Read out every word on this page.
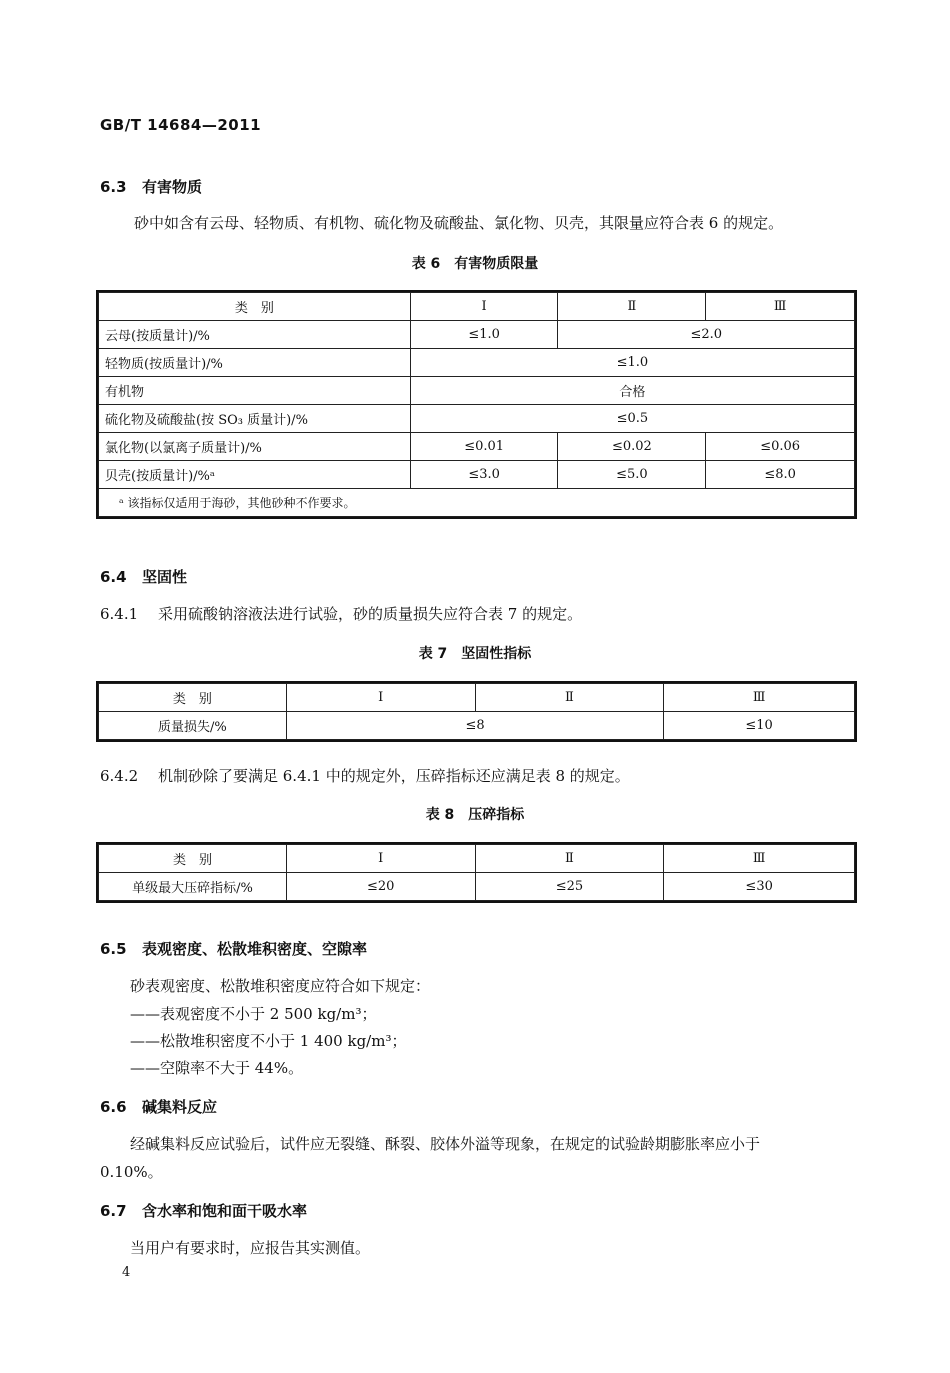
GB/T 14684—2011
6.3 有害物质
砂中如含有云母、轻物质、有机物、硫化物及硫酸盐、氯化物、贝壳，其限量应符合表 6 的规定。
表 6　有害物质限量
类　别	Ⅰ	Ⅱ	Ⅲ
云母(按质量计)/%	≤1.0	≤2.0	
轻物质(按质量计)/%	≤1.0		
有机物	合格		
硫化物及硫酸盐(按 SO₃ 质量计)/%	≤0.5		
氯化物(以氯离子质量计)/%	≤0.01	≤0.02	≤0.06
贝壳(按质量计)/%ᵃ	≤3.0	≤5.0	≤8.0
ᵃ 该指标仅适用于海砂，其他砂种不作要求。			
6.4 坚固性
6.4.1 采用硫酸钠溶液法进行试验，砂的质量损失应符合表 7 的规定。
表 7　坚固性指标
类　别	Ⅰ	Ⅱ	Ⅲ
质量损失/%	≤8		≤10
6.4.2 机制砂除了要满足 6.4.1 中的规定外，压碎指标还应满足表 8 的规定。
表 8　压碎指标
类　别	Ⅰ	Ⅱ	Ⅲ
单级最大压碎指标/%	≤20	≤25	≤30
6.5 表观密度、松散堆积密度、空隙率
砂表观密度、松散堆积密度应符合如下规定：
——表观密度不小于 2 500 kg/m³；
——松散堆积密度不小于 1 400 kg/m³；
——空隙率不大于 44%。
6.6 碱集料反应
经碱集料反应试验后，试件应无裂缝、酥裂、胶体外溢等现象，在规定的试验龄期膨胀率应小于
0.10%。
6.7 含水率和饱和面干吸水率
当用户有要求时，应报告其实测值。
4
